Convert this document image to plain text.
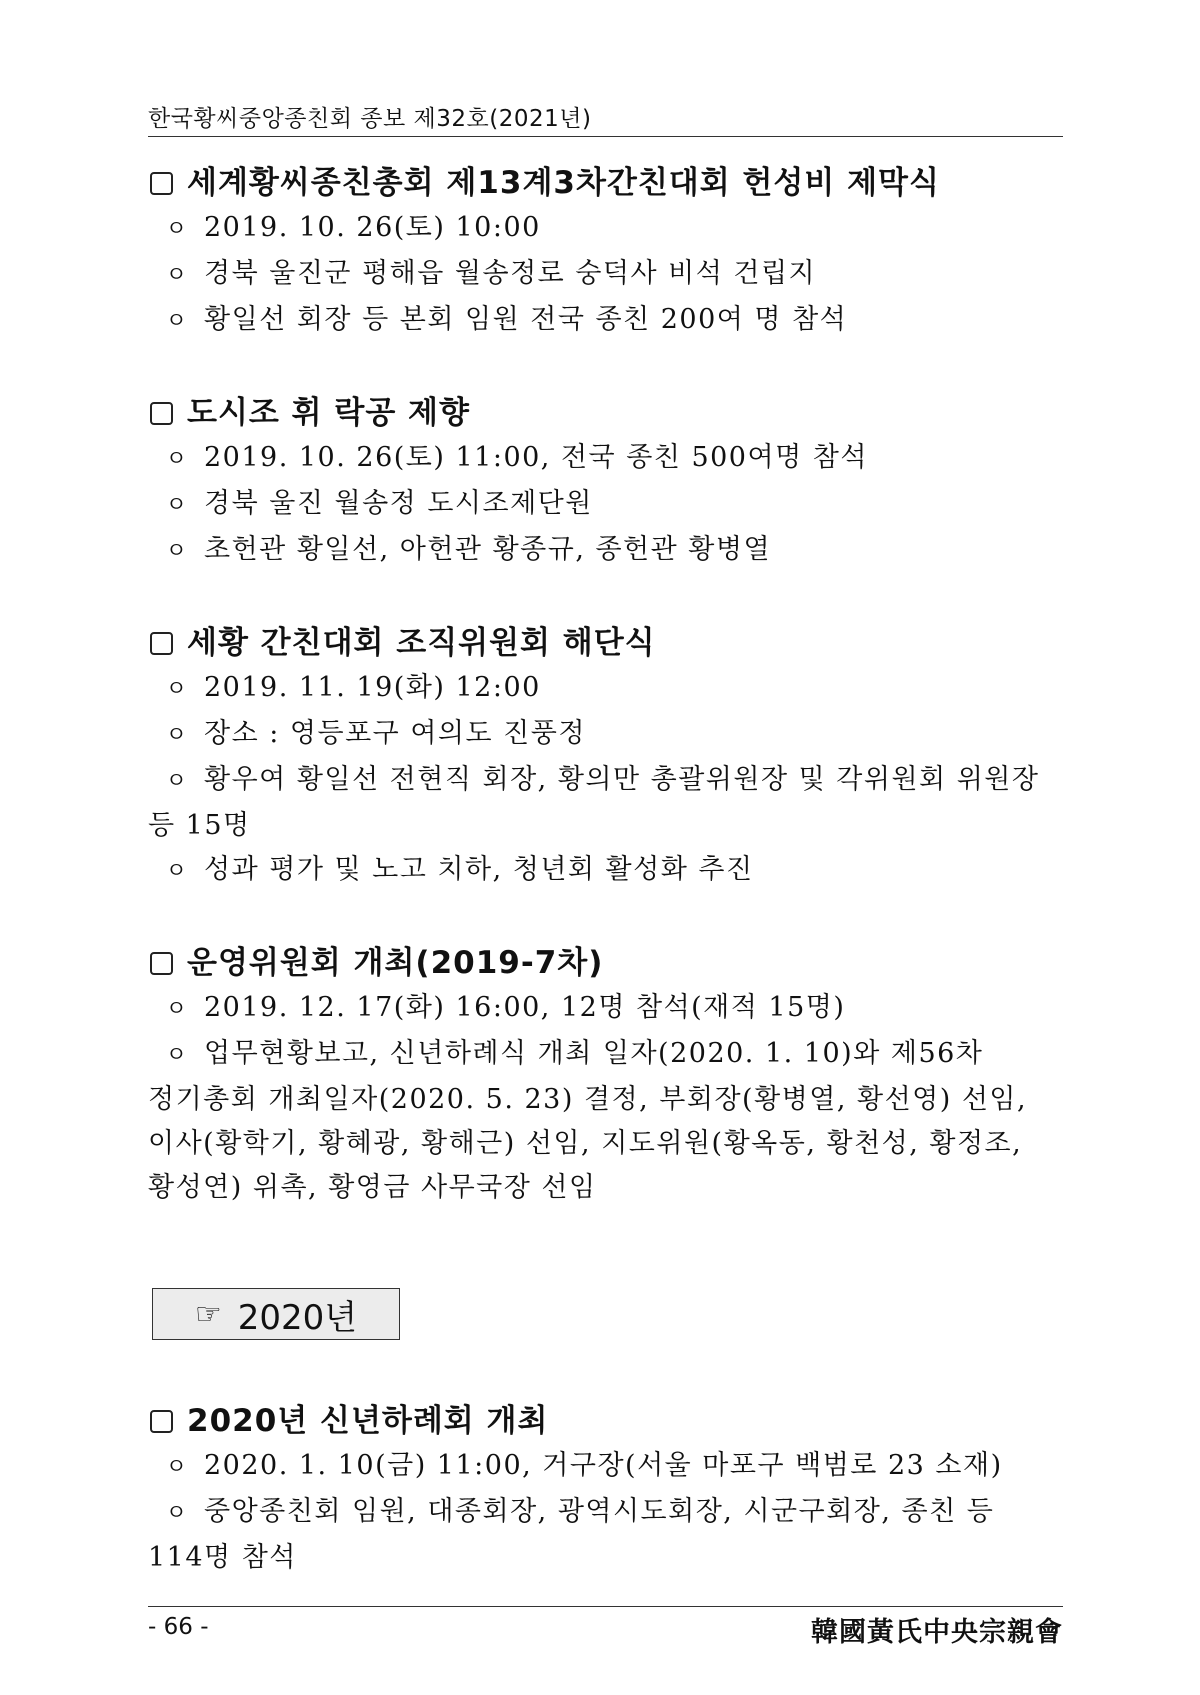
한국황씨중앙종친회 종보 제32호(2021년)
세계황씨종친총회 제13계3차간친대회 헌성비 제막식
ㅇ 2019. 10. 26(토) 10:00
ㅇ 경북 울진군 평해읍 월송정로 숭덕사 비석 건립지
ㅇ 황일선 회장 등 본회 임원 전국 종친 200여 명 참석
도시조 휘 락공 제향
ㅇ 2019. 10. 26(토) 11:00, 전국 종친 500여명 참석
ㅇ 경북 울진 월송정 도시조제단원
ㅇ 초헌관 황일선, 아헌관 황종규, 종헌관 황병열
세황 간친대회 조직위원회 해단식
ㅇ 2019. 11. 19(화) 12:00
ㅇ 장소 : 영등포구 여의도 진풍정
ㅇ 황우여 황일선 전현직 회장, 황의만 총괄위원장 및 각위원회 위원장 등 15명
ㅇ 성과 평가 및 노고 치하, 청년회 활성화 추진
운영위원회 개최(2019-7차)
ㅇ 2019. 12. 17(화) 16:00, 12명 참석(재적 15명)
ㅇ 업무현황보고, 신년하례식 개최 일자(2020. 1. 10)와 제56차 정기총회 개최일자(2020. 5. 23) 결정, 부회장(황병열, 황선영) 선임, 이사(황학기, 황혜광, 황해근) 선임, 지도위원(황옥동, 황천성, 황정조, 황성연) 위촉, 황영금 사무국장 선임
☞ 2020년
2020년 신년하례회 개최
ㅇ 2020. 1. 10(금) 11:00, 거구장(서울 마포구 백범로 23 소재)
ㅇ 중앙종친회 임원, 대종회장, 광역시도회장, 시군구회장, 종친 등 114명 참석
- 66 -	韓國黃氏中央宗親會
